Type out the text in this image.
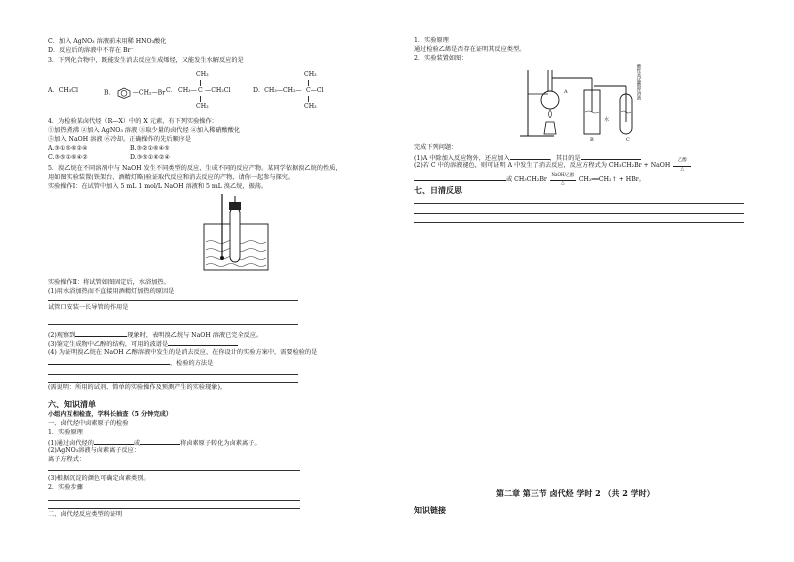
C．加入 AgNO₃ 溶液前未用稀 HNO₃酸化
D．反应后的溶液中不存在 Br⁻
3．下列化合物中，既能发生消去反应生成烯烃，又能发生水解反应的是
A．CH₃Cl	B．	—CH₂—Br C．
CH₃
CH₃— C —CH₂Cl
CH₃
D．CH₃—CH₂—
CH₃
C—Cl
CH₃
4．为检验某卤代烃（R—X）中的 X 元素，有下列实验操作：
①加热煮沸 ②加入 AgNO₃ 溶液 ③取少量的卤代烃 ④加入稀硝酸酸化
⑤加入 NaOH 溶液 ⑥冷却。正确操作的先后顺序是
A.③①⑤⑥②④	B.③②①⑥④⑤
C.③⑤①⑥④②	D.③⑤①⑥②④
5．溴乙烷在不同溶剂中与 NaOH 发生不同类型的反应，生成不同的反应产物。某同学依据溴乙烷的性质，
用如图实验装置(铁架台、酒精灯略)验证取代反应和消去反应的产物，请你一起参与探究。
实验操作Ⅰ：在试管中加入 5 mL 1 mol/L NaOH 溶液和 5 mL 溴乙烷，振荡。
实验操作Ⅱ：将试管如图固定后，水浴加热。
(1)用水浴加热而不直接用酒精灯加热的原因是
试管口安装一长导管的作用是
(2)观察到	现象时，表明溴乙烷与 NaOH 溶液已完全反应。
(3)鉴定生成物中乙醇的结构，可用的波谱是
(4) 为证明溴乙烷在 NaOH 乙醇溶液中发生的是消去反应，在你设计的实验方案中，需要检验的是
，检验的方法是
(需说明：所用的试剂、简单的实验操作及预测产生的实验现象)。
六、知识清单
小组内互相检查，学科长抽查（5 分钟完成）
一、卤代烃中卤素原子的检验
1．实验原理
(1)通过卤代烃的	或	将卤素原子转化为卤素离子。
(2)AgNO₃溶液与卤素离子反应：
离子方程式：
(3)根据沉淀的颜色可确定卤素类别。
2．实验步骤
二、卤代烃反应类型的证明
1．实验原理
通过检验乙烯是否存在证明其反应类型。
2．实验装置如图：
A
水
B	C
酸性高锰酸钾溶液
完成下列问题：
(1)A 中除加入反应物外，还应加入	，其目的是
(2)若 C 中的溶液褪色，则可证明 A 中发生了消去反应，反应方程式为 CH₃CH₂Br + NaOH
乙醇
△
或 CH₃CH₂Br
NaOH/乙醇
△
CH₂══CH₂↑ + HBr。
七、日清反思
第二章 第三节 卤代烃 学时 2 （共 2 学时）
知识链接
